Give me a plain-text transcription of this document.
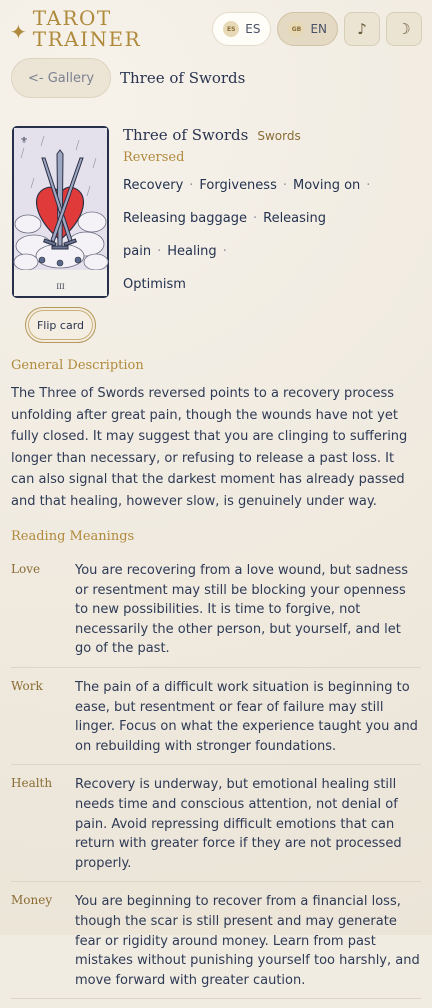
✦
TAROT
TRAINER	ES ES	GB EN ♪ ☽
<- Gallery	Three of Swords
⚜
III
Flip card
Three of Swords Swords
Reversed
Recovery · Forgiveness · Moving on ·
Releasing baggage · Releasing pain · Healing ·
Optimism
General Description
The Three of Swords reversed points to a recovery process unfolding after great pain, though the wounds have not yet fully closed. It may suggest that you are clinging to suffering longer than necessary, or refusing to release a past loss. It can also signal that the darkest moment has already passed and that healing, however slow, is genuinely under way.
Reading Meanings
Love	You are recovering from a love wound, but sadness or resentment may still be blocking your openness to new possibilities. It is time to forgive, not necessarily the other person, but yourself, and let go of the past.
Work	The pain of a difficult work situation is beginning to ease, but resentment or fear of failure may still linger. Focus on what the experience taught you and on rebuilding with stronger foundations.
Health	Recovery is underway, but emotional healing still needs time and conscious attention, not denial of pain. Avoid repressing difficult emotions that can return with greater force if they are not processed properly.
Money	You are beginning to recover from a financial loss, though the scar is still present and may generate fear or rigidity around money. Learn from past mistakes without punishing yourself too harshly, and move forward with greater caution.
